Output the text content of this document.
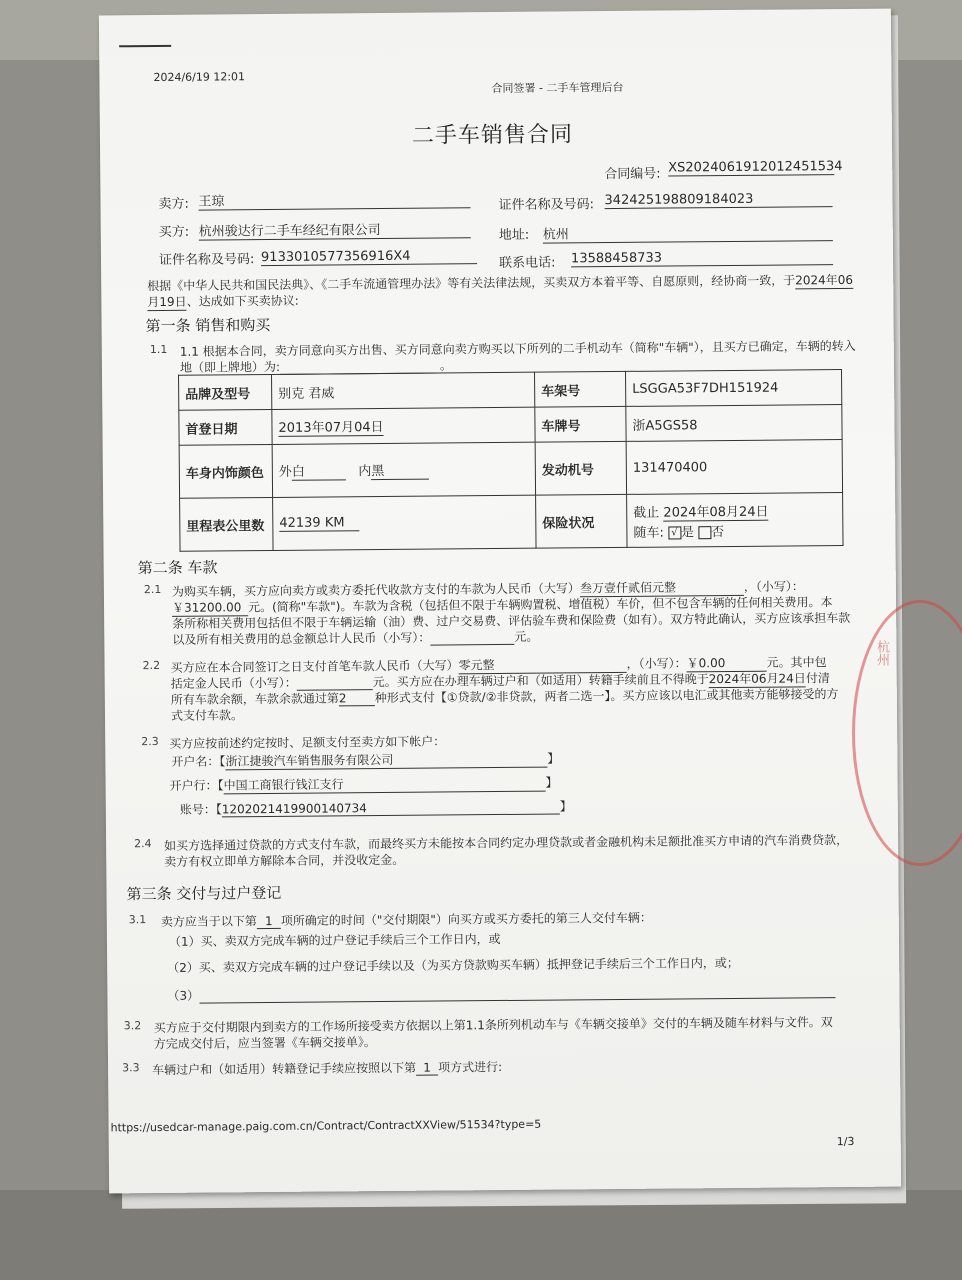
2024/6/19 12:01
合同签署 - 二手车管理后台
二手车销售合同
合同编号: XS2024061912012451534
卖方: 王琼	证件名称及号码: 342425198809184023
买方: 杭州骏达行二手车经纪有限公司	地址: 杭州
证件名称及号码: 9133010577356916X4	联系电话: 13588458733
根据《中华人民共和国民法典》、《二手车流通管理办法》等有关法律法规，买卖双方本着平等、自愿原则，经协商一致，于2024年06
月19日、达成如下买卖协议:
第一条 销售和购买
1.1 1.1 根据本合同，卖方同意向买方出售、买方同意向卖方购买以下所列的二手机动车（简称"车辆"），且买方已确定，车辆的转入
地（即上牌地）为:	。
品牌及型号	别克 君威	车架号	LSGGA53F7DH151924
首登日期	2013年07月04日	车牌号	浙A5GS58
车身内饰颜色	外白 内黑	发动机号	131470400
里程表公里数	42139 KM	保险状况	截止 2024年08月24日
随车: √ 是 否
第二条 车款
2.1 为购买车辆，买方应向卖方或卖方委托代收款方支付的车款为人民币（大写）叁万壹仟贰佰元整	，（小写）：
￥31200.00 元。(简称"车款")。车款为含税（包括但不限于车辆购置税、增值税）车价，但不包含车辆的任何相关费用。本
条所称相关费用包括但不限于车辆运输（油）费、过户交易费、评估验车费和保险费（如有）。双方特此确认，买方应该承担车款
以及所有相关费用的总金额总计人民币（小写）：	元。
2.2 买方应在本合同签订之日支付首笔车款人民币（大写）零元整	，（小写）：￥0.00	元。其中包
括定金人民币（小写）：	元。买方应在办理车辆过户和（如适用）转籍手续前且不得晚于2024年06月24日付清
所有车款余额，车款余款通过第2 种形式支付【①贷款/②非贷款，两者二选一】。买方应该以电汇或其他卖方能够接受的方
式支付车款。
2.3 买方应按前述约定按时、足额支付至卖方如下帐户：
开户名：【浙江捷骏汽车销售服务有限公司	】
开户行：【中国工商银行钱江支行	】
账号：【1202021419900140734	】
2.4 如买方选择通过贷款的方式支付车款，而最终买方未能按本合同约定办理贷款或者金融机构未足额批准买方申请的汽车消费贷款，
卖方有权立即单方解除本合同，并没收定金。
第三条 交付与过户登记
3.1 卖方应当于以下第 1 项所确定的时间（"交付期限"）向买方或买方委托的第三人交付车辆：
（1）买、卖双方完成车辆的过户登记手续后三个工作日内，或
（2）买、卖双方完成车辆的过户登记手续以及（为买方贷款购买车辆）抵押登记手续后三个工作日内，或；
（3）
3.2 买方应于交付期限内到卖方的工作场所接受卖方依据以上第1.1条所列机动车与《车辆交接单》交付的车辆及随车材料与文件。双
方完成交付后，应当签署《车辆交接单》。
3.3 车辆过户和（如适用）转籍登记手续应按照以下第 1 项方式进行:
https://usedcar-manage.paig.com.cn/Contract/ContractXXView/51534?type=5
1/3
杭州
